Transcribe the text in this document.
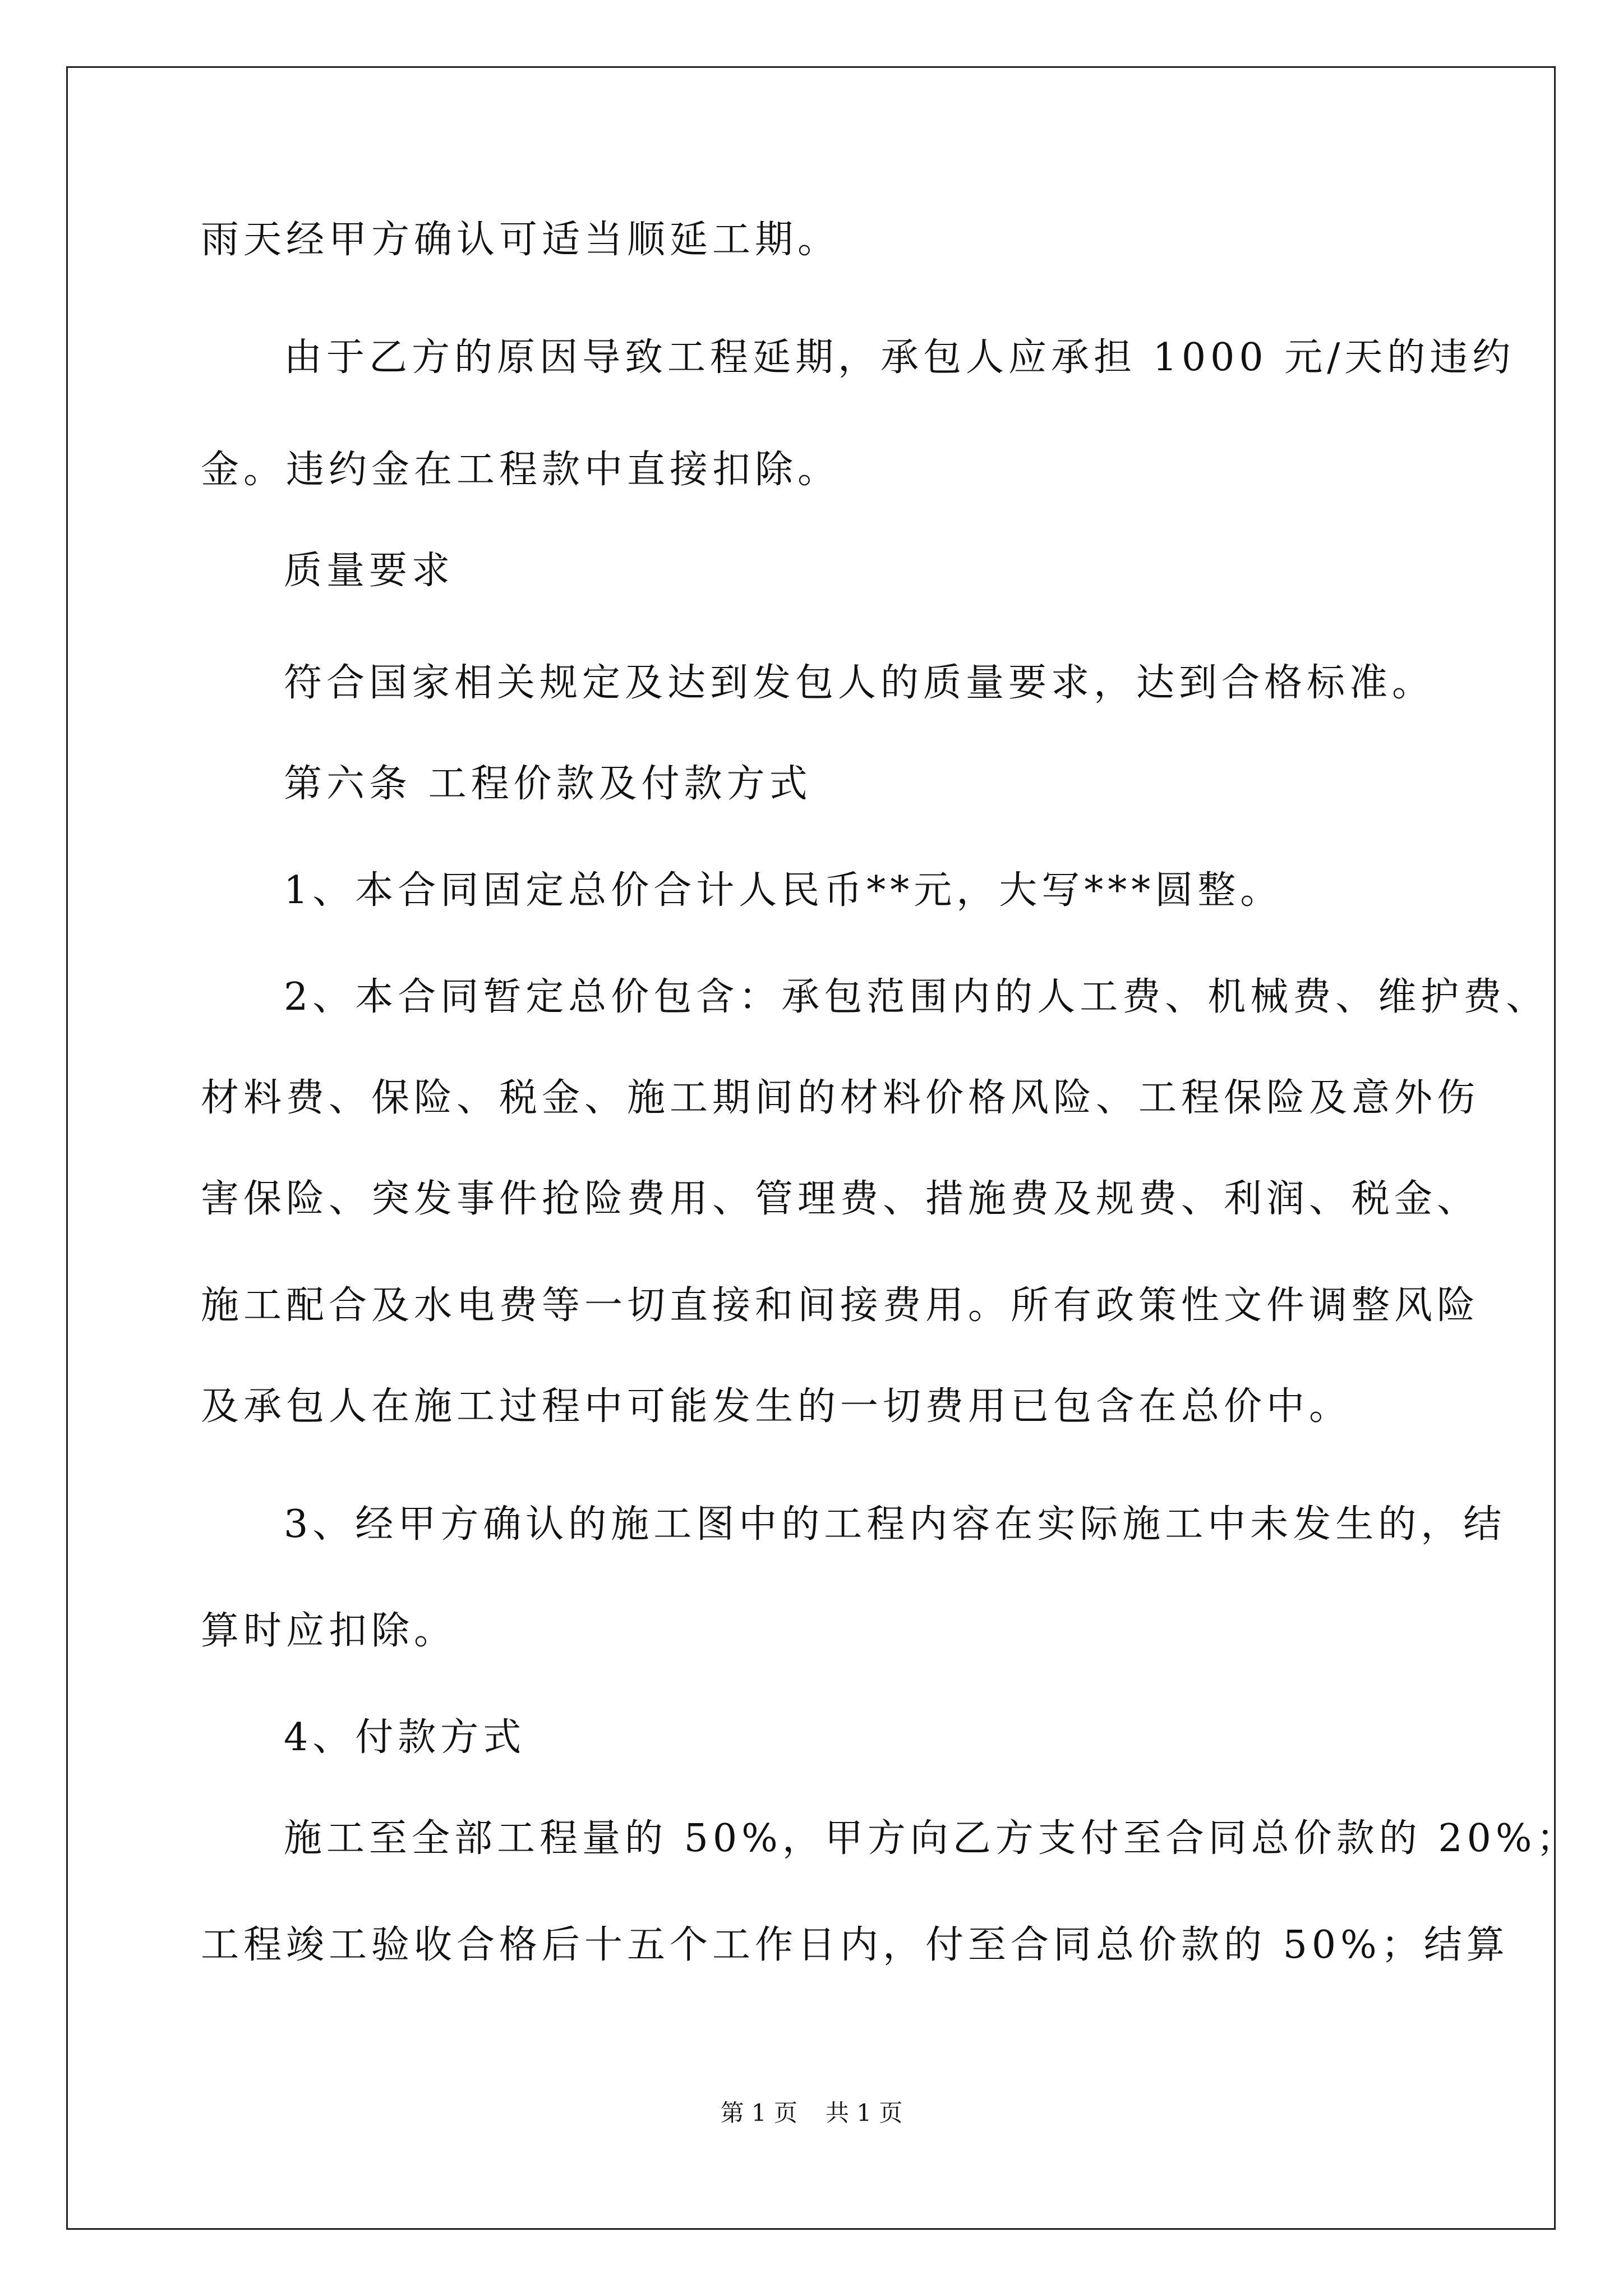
雨天经甲方确认可适当顺延工期。
由于乙方的原因导致工程延期，承包人应承担 1000 元/天的违约
金。违约金在工程款中直接扣除。
质量要求
符合国家相关规定及达到发包人的质量要求，达到合格标准。
第六条 工程价款及付款方式
1、本合同固定总价合计人民币**元，大写***圆整。
2、本合同暂定总价包含：承包范围内的人工费、机械费、维护费、
材料费、保险、税金、施工期间的材料价格风险、工程保险及意外伤
害保险、突发事件抢险费用、管理费、措施费及规费、利润、税金、
施工配合及水电费等一切直接和间接费用。所有政策性文件调整风险
及承包人在施工过程中可能发生的一切费用已包含在总价中。
3、经甲方确认的施工图中的工程内容在实际施工中未发生的，结
算时应扣除。
4、付款方式
施工至全部工程量的 50%，甲方向乙方支付至合同总价款的 20%；
工程竣工验收合格后十五个工作日内，付至合同总价款的 50%；结算
第 1 页 共 1 页
